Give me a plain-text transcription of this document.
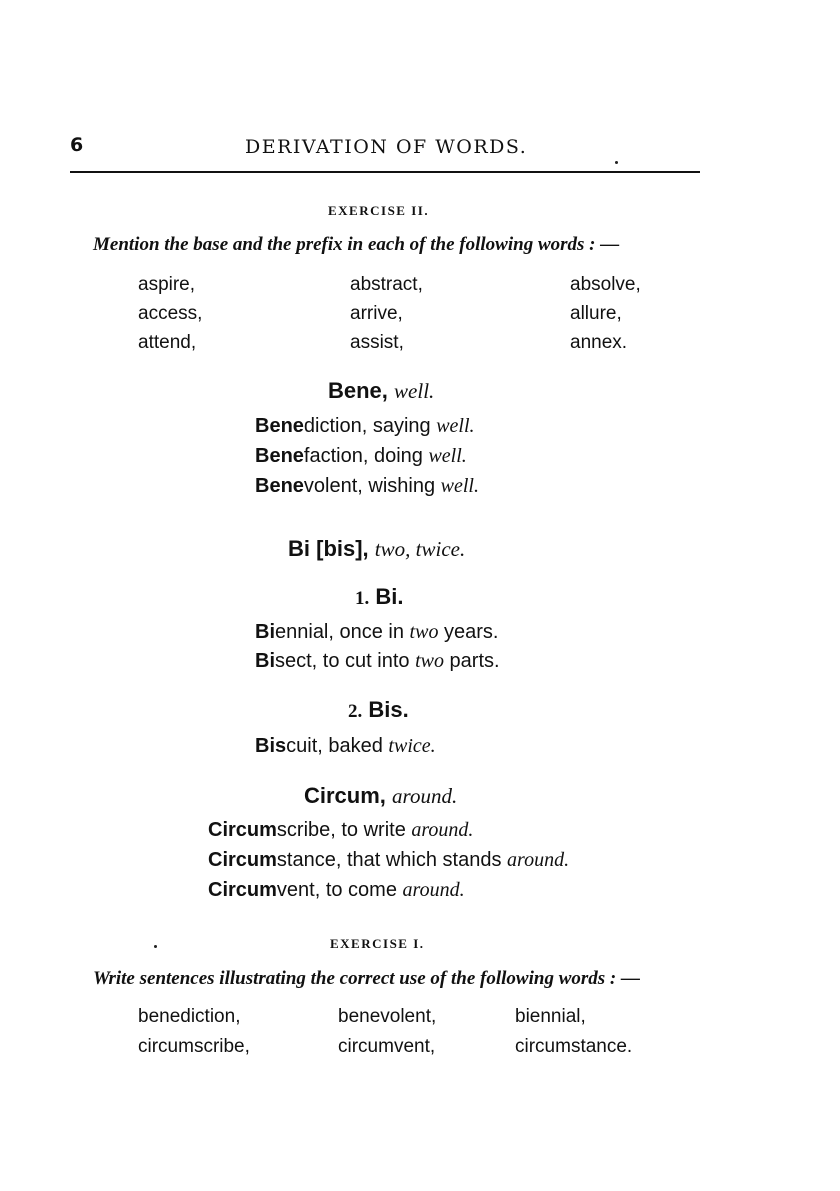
6	DERIVATION OF WORDS.
EXERCISE II.
Mention the base and the prefix in each of the following words : —
aspire,	abstract,	absolve,
access,	arrive,	allure,
attend,	assist,	annex.
Bene, well.
Benediction, saying well.
Benefaction, doing well.
Benevolent, wishing well.
Bi [bis], two, twice.
1. Bi.
Biennial, once in two years.
Bisect, to cut into two parts.
2. Bis.
Biscuit, baked twice.
Circum, around.
Circumscribe, to write around.
Circumstance, that which stands around.
Circumvent, to come around.
EXERCISE I.
Write sentences illustrating the correct use of the following words : —
benediction,	benevolent,	biennial,
circumscribe,	circumvent,	circumstance.
